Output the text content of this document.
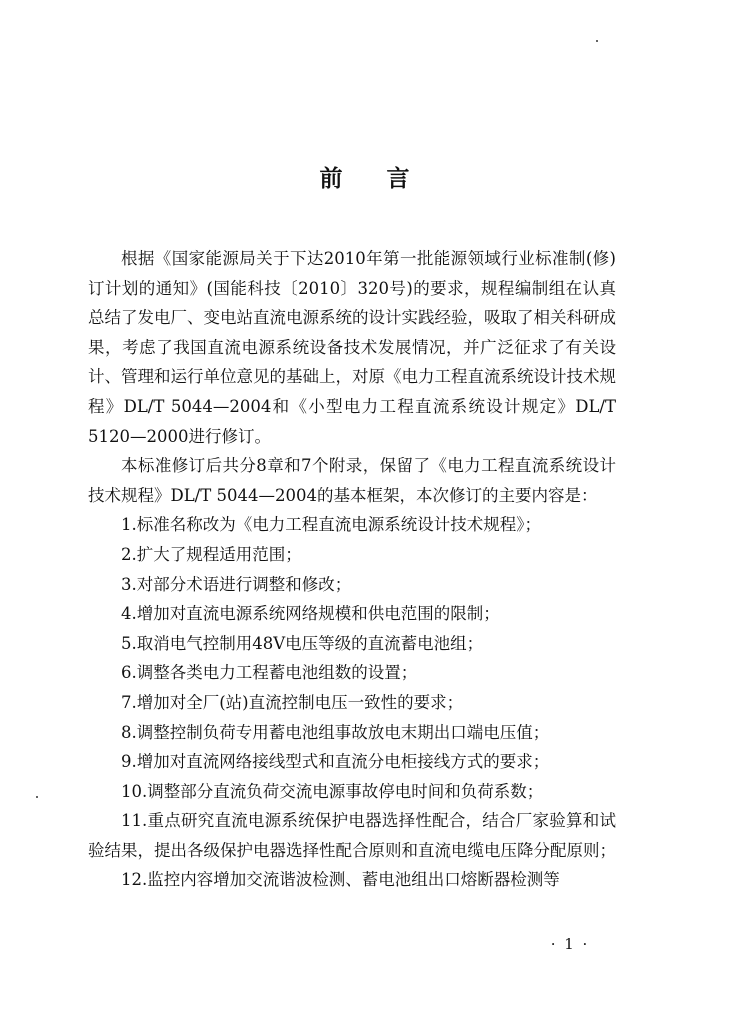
前言

根据《国家能源局关于下达2010年第一批能源领域行业标准制(修)订计划的通知》(国能科技〔2010〕320号)的要求，规程编制组在认真总结了发电厂、变电站直流电源系统的设计实践经验，吸取了相关科研成果，考虑了我国直流电源系统设备技术发展情况，并广泛征求了有关设计、管理和运行单位意见的基础上，对原《电力工程直流系统设计技术规程》DL/T 5044—2004和《小型电力工程直流系统设计规定》DL/T 5120—2000进行修订。

本标准修订后共分8章和7个附录，保留了《电力工程直流系统设计技术规程》DL/T 5044—2004的基本框架，本次修订的主要内容是：

1.标准名称改为《电力工程直流电源系统设计技术规程》；

2.扩大了规程适用范围；

3.对部分术语进行调整和修改；

4.增加对直流电源系统网络规模和供电范围的限制；

5.取消电气控制用48V电压等级的直流蓄电池组；

6.调整各类电力工程蓄电池组数的设置；

7.增加对全厂(站)直流控制电压一致性的要求；

8.调整控制负荷专用蓄电池组事故放电末期出口端电压值；

9.增加对直流网络接线型式和直流分电柜接线方式的要求；

10.调整部分直流负荷交流电源事故停电时间和负荷系数；

11.重点研究直流电源系统保护电器选择性配合，结合厂家验算和试验结果，提出各级保护电器选择性配合原则和直流电缆电压降分配原则；

12.监控内容增加交流谐波检测、蓄电池组出口熔断器检测等

· 1 ·
